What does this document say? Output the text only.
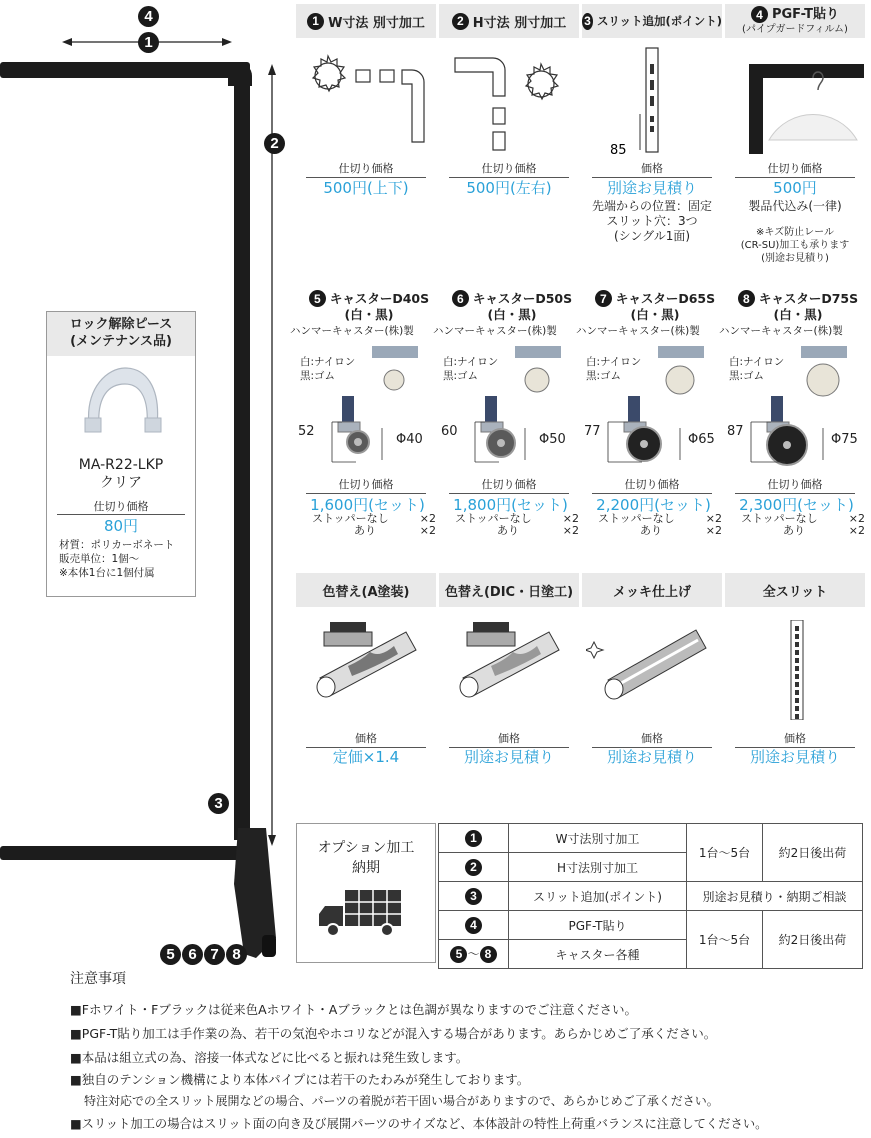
4
1
2
3
5 6 7 8
ロック解除ピース
(メンテナンス品)
MA-R22-LKP
クリア
仕切り価格
80円
材質：ポリカーボネート
販売単位：1個～
※本体1台に1個付属
1 W寸法 別寸加工	2 H寸法 別寸加工 3 スリット追加(ポイント)	4 PGF-T貼り
(パイプガードフィルム)
85
仕切り価格
500円(上下)
仕切り価格
500円(左右)
価格
別途お見積り
先端からの位置：固定
スリット穴：3つ
(シングル1面)
仕切り価格
500円
製品代込み(一律)
※キズ防止レール
(CR-SU)加工も承ります
(別途お見積り)
5 キャスターD40S
(白・黒)
ハンマーキャスター(株)製
白:ナイロン
黒:ゴム
52
Φ40
仕切り価格
1,600円(セット)
ストッパーなし	×2
あり	×2
6 キャスターD50S
(白・黒)
ハンマーキャスター(株)製
白:ナイロン
黒:ゴム
60
Φ50
仕切り価格
1,800円(セット)
ストッパーなし	×2
あり	×2
7 キャスターD65S
(白・黒)
ハンマーキャスター(株)製
白:ナイロン
黒:ゴム
77
Φ65
仕切り価格
2,200円(セット)
ストッパーなし	×2
あり	×2
8 キャスターD75S
(白・黒)
ハンマーキャスター(株)製
白:ナイロン
黒:ゴム
87
Φ75
仕切り価格
2,300円(セット)
ストッパーなし	×2
あり	×2
色替え(A塗装)
価格
定価×1.4
色替え(DIC・日塗工)
価格
別途お見積り
メッキ仕上げ
価格
別途お見積り
全スリット
価格
別途お見積り
オプション加工
納期
1	W寸法別寸加工	1台～5台	約2日後出荷
2	H寸法別寸加工		
3	スリット追加(ポイント)	別途お見積り・納期ご相談	
4	PGF-T貼り	1台～5台	約2日後出荷
5 ～ 8	キャスター各種		
注意事項
■Fホワイト・Fブラックは従来色Aホワイト・Aブラックとは色調が異なりますのでご注意ください。
■PGF-T貼り加工は手作業の為、若干の気泡やホコリなどが混入する場合があります。あらかじめご了承ください。
■本品は組立式の為、溶接一体式などに比べると振れは発生致します。
■独自のテンション機構により本体パイプには若干のたわみが発生しております。
特注対応での全スリット展開などの場合、パーツの着脱が若干固い場合がありますので、あらかじめご了承ください。
■スリット加工の場合はスリット面の向き及び展開パーツのサイズなど、本体設計の特性上荷重バランスに注意してください。
